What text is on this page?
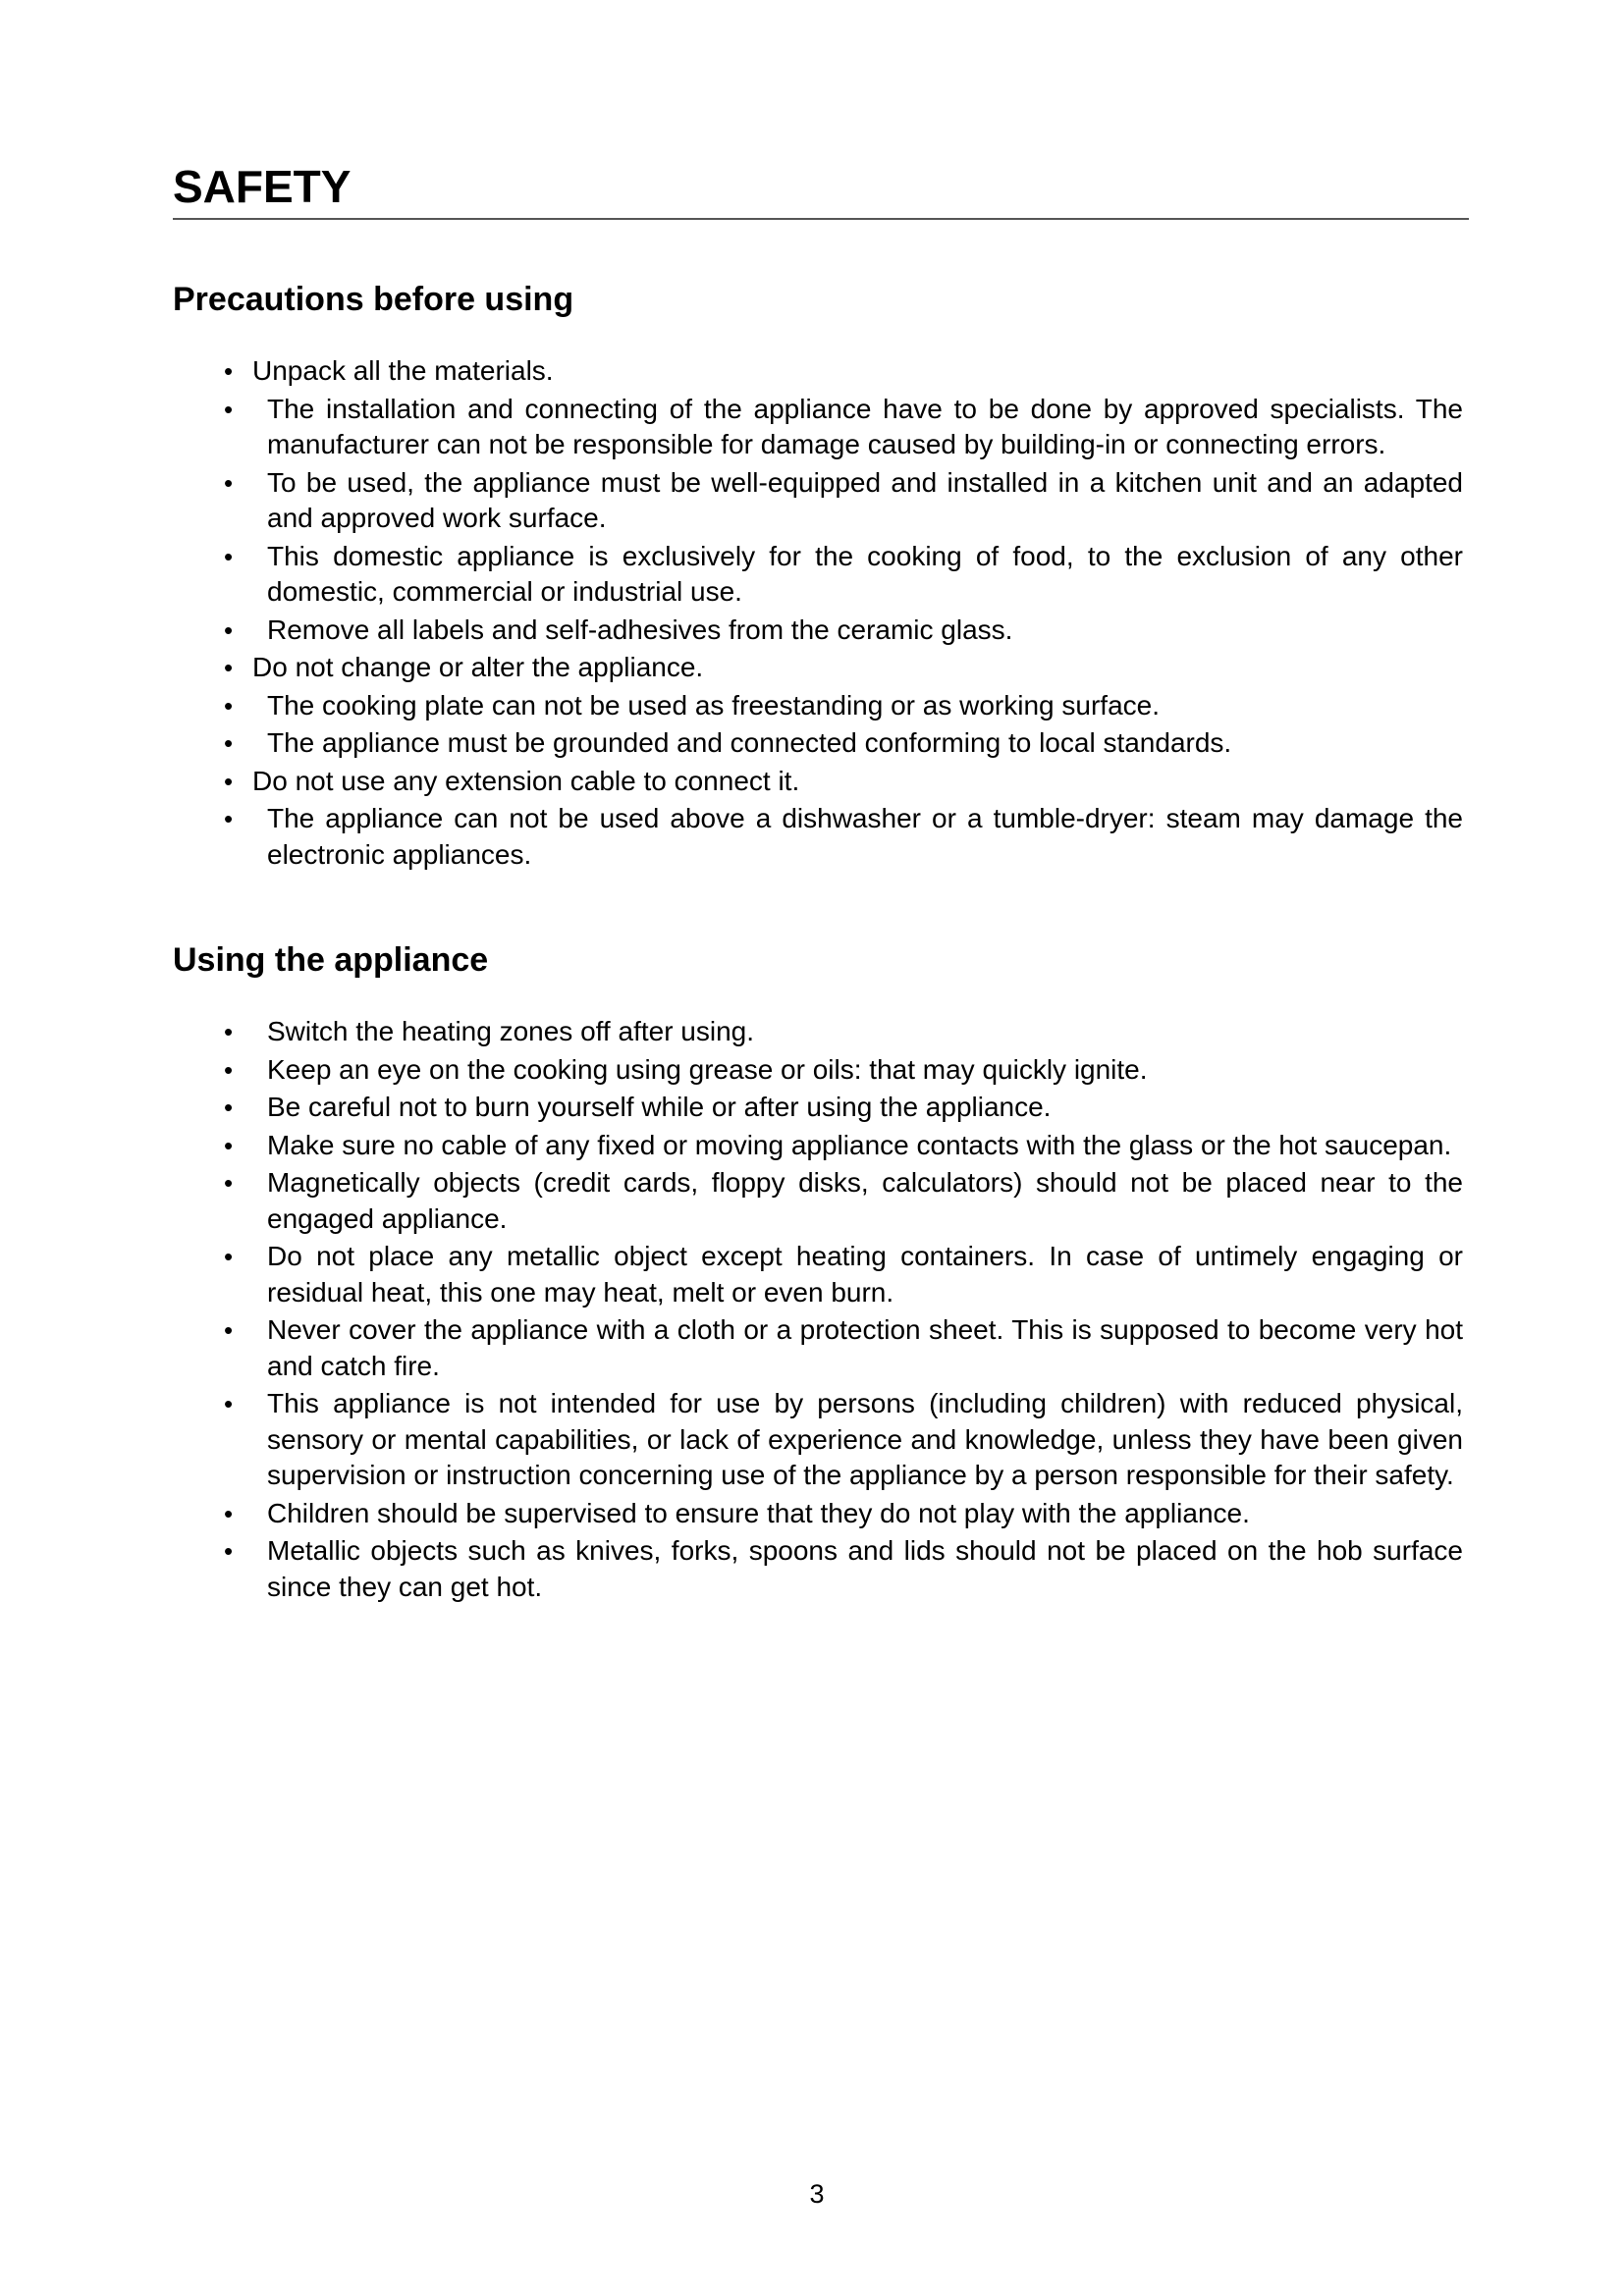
SAFETY
Precautions before using
• Unpack all the materials.
• The installation and connecting of the appliance have to be done by approved specialists. The manufacturer can not be responsible for damage caused by building-in or connecting errors.
• To be used, the appliance must be well-equipped and installed in a kitchen unit and an adapted and approved work surface.
• This domestic appliance is exclusively for the cooking of food, to the exclusion of any other domestic, commercial or industrial use.
• Remove all labels and self-adhesives from the ceramic glass.
• Do not change or alter the appliance.
• The cooking plate can not be used as freestanding or as working surface.
• The appliance must be grounded and connected conforming to local standards.
• Do not use any extension cable to connect it.
• The appliance can not be used above a dishwasher or a tumble-dryer: steam may damage the electronic appliances.
Using the appliance
• Switch the heating zones off after using.
• Keep an eye on the cooking using grease or oils: that may quickly ignite.
• Be careful not to burn yourself while or after using the appliance.
• Make sure no cable of any fixed or moving appliance contacts with the glass or the hot saucepan.
• Magnetically objects (credit cards, floppy disks, calculators) should not be placed near to the engaged appliance.
• Do not place any metallic object except heating containers. In case of untimely engaging or residual heat, this one may heat, melt or even burn.
• Never cover the appliance with a cloth or a protection sheet. This is supposed to become very hot and catch fire.
• This appliance is not intended for use by persons (including children) with reduced physical, sensory or mental capabilities, or lack of experience and knowledge, unless they have been given supervision or instruction concerning use of the appliance by a person responsible for their safety.
• Children should be supervised to ensure that they do not play with the appliance.
• Metallic objects such as knives, forks, spoons and lids should not be placed on the hob surface since they can get hot.
3
